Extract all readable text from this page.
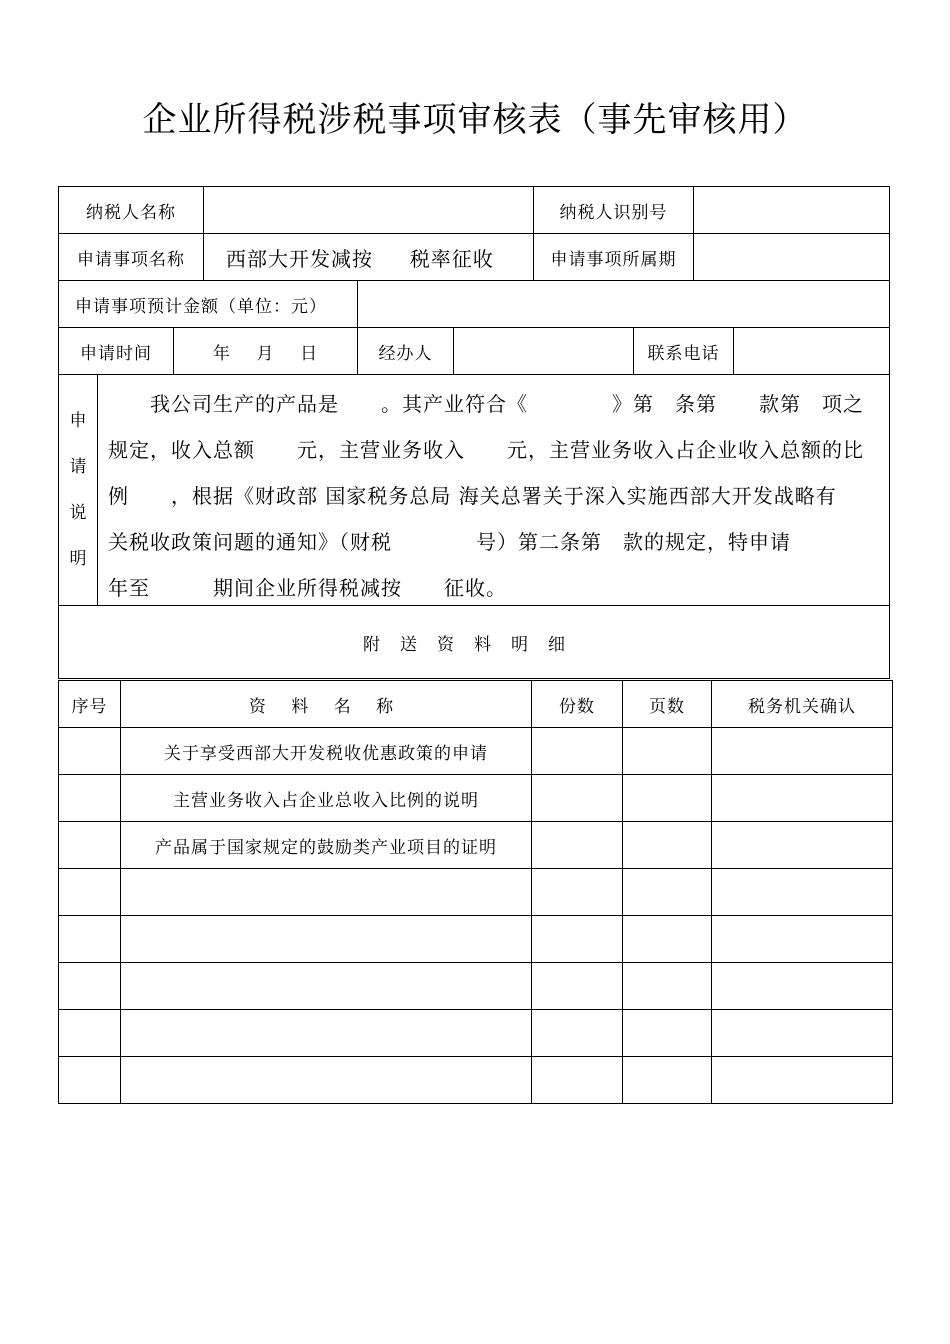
企业所得税涉税事项审核表（事先审核用）
纳税人名称	纳税人识别号
申请事项名称	西部大开发减按     税率征收	申请事项所属期
申请事项预计金额（单位：元）
申请时间	年    月    日	经办人	联系电话
申
请
说
明
　　我公司生产的产品是　　。其产业符合《　　　　》第　条第　　款第　项之
规定，收入总额　　元，主营业务收入　　元，主营业务收入占企业收入总额的比
例　　，根据《财政部 国家税务总局 海关总署关于深入实施西部大开发战略有
关税收政策问题的通知》（财税　　　　号）第二条第　款的规定，特申请
年至　　　期间企业所得税减按　　征收。
附送资料明细
序号	资 料 名 称	份数	页数	税务机关确认
	关于享受西部大开发税收优惠政策的申请			
	主营业务收入占企业总收入比例的说明			
	产品属于国家规定的鼓励类产业项目的证明			
